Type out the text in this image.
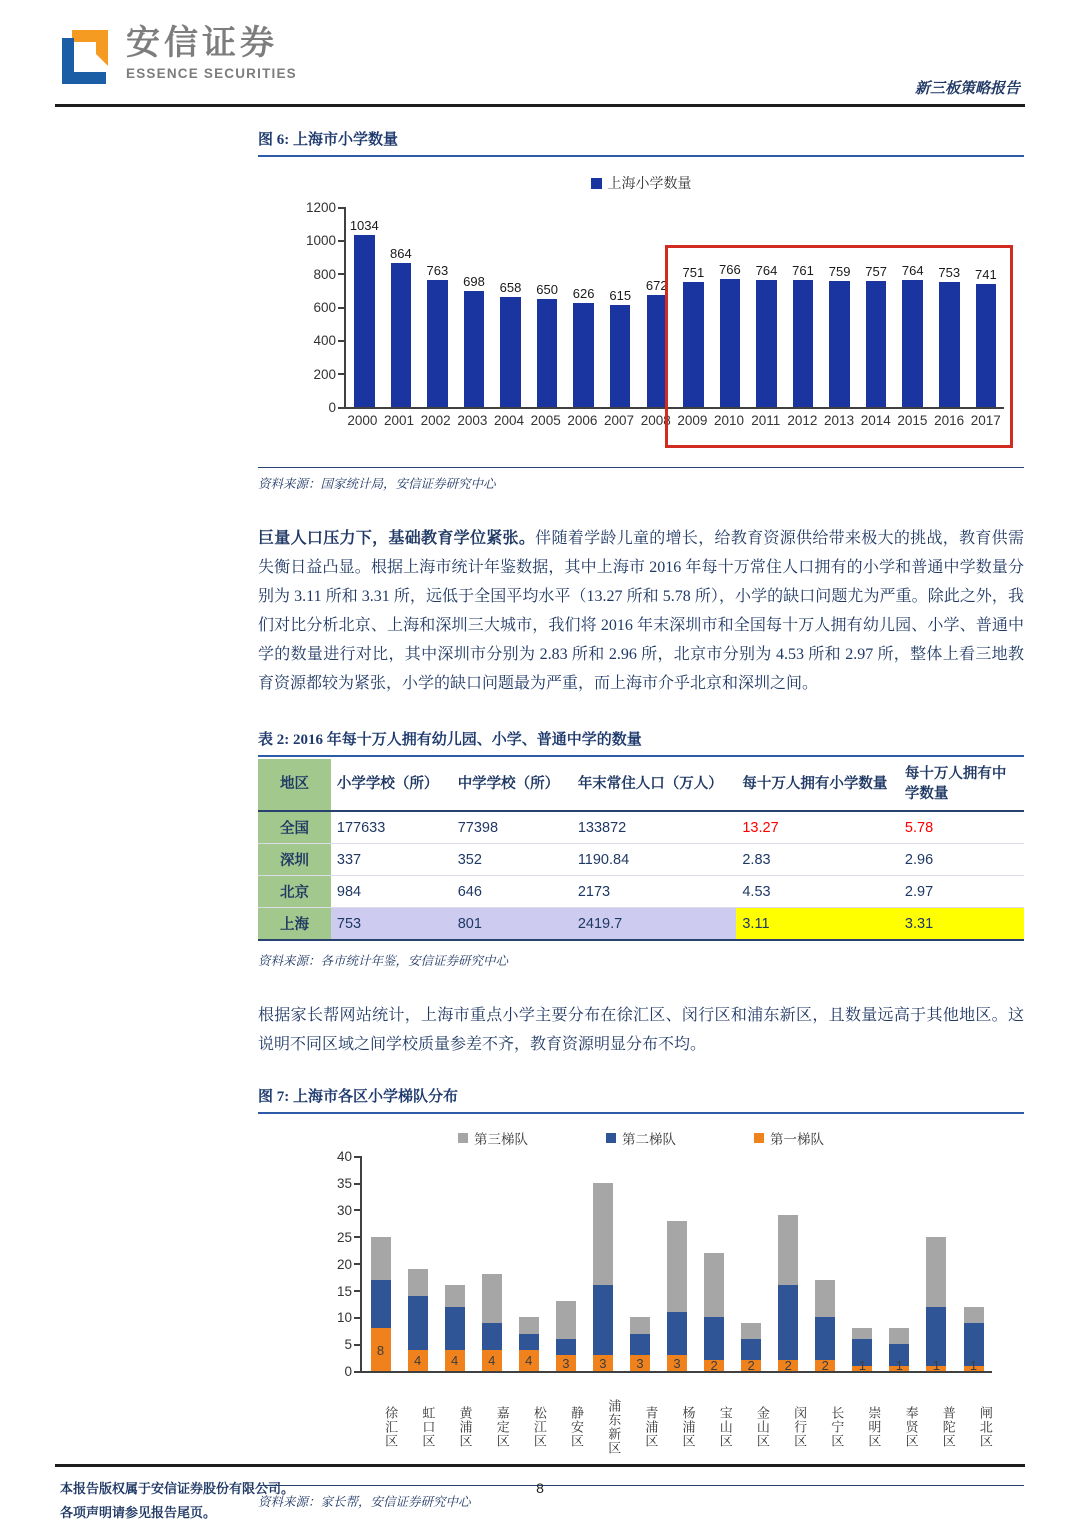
安信证券
ESSENCE SECURITIES
新三板策略报告
图 6: 上海市小学数量
上海小学数量
0
200
400
600
800
1000
1200
1034
864
763
698 658 650 626 615
672
751 766 764 761 759 757 764 753 741
2000 2001 2002 2003 2004 2005 2006 2007 2008 2009 2010 2011 2012 2013 2014 2015 2016 2017
资料来源：国家统计局，安信证券研究中心

巨量人口压力下，基础教育学位紧张。伴随着学龄儿童的增长，给教育资源供给带来极大的挑战，教育供需失衡日益凸显。根据上海市统计年鉴数据，其中上海市 2016 年每十万常住人口拥有的小学和普通中学数量分别为 3.11 所和 3.31 所，远低于全国平均水平（13.27 所和 5.78 所），小学的缺口问题尤为严重。除此之外，我们对比分析北京、上海和深圳三大城市，我们将 2016 年末深圳市和全国每十万人拥有幼儿园、小学、普通中学的数量进行对比，其中深圳市分别为 2.83 所和 2.96 所，北京市分别为 4.53 所和 2.97 所，整体上看三地教育资源都较为紧张，小学的缺口问题最为严重，而上海市介乎北京和深圳之间。

表 2: 2016 年每十万人拥有幼儿园、小学、普通中学的数量
地区	小学学校（所）	中学学校（所）	年末常住人口（万人）	每十万人拥有小学数量	每十万人拥有中学数量
全国	177633	77398	133872	13.27	5.78
深圳	337	352	1190.84	2.83	2.96
北京	984	646	2173	4.53	2.97
上海	753	801	2419.7	3.11	3.31
资料来源：各市统计年鉴，安信证券研究中心

根据家长帮网站统计，上海市重点小学主要分布在徐汇区、闵行区和浦东新区，且数量远高于其他地区。这说明不同区域之间学校质量参差不齐，教育资源明显分布不均。

图 7: 上海市各区小学梯队分布
第三梯队	第二梯队	第一梯队
0
5
10
15
20
25
30
35
40
8
4	4	4	4	3	3	3	3	2	2	2	2	1	1	1	1
徐汇区	虹口区	黄浦区	嘉定区	松江区	静安区	浦东新区	青浦区	杨浦区	宝山区	金山区	闵行区	长宁区	崇明区	奉贤区	普陀区	闸北区
资料来源：家长帮，安信证券研究中心
本报告版权属于安信证券股份有限公司。
各项声明请参见报告尾页。
8
